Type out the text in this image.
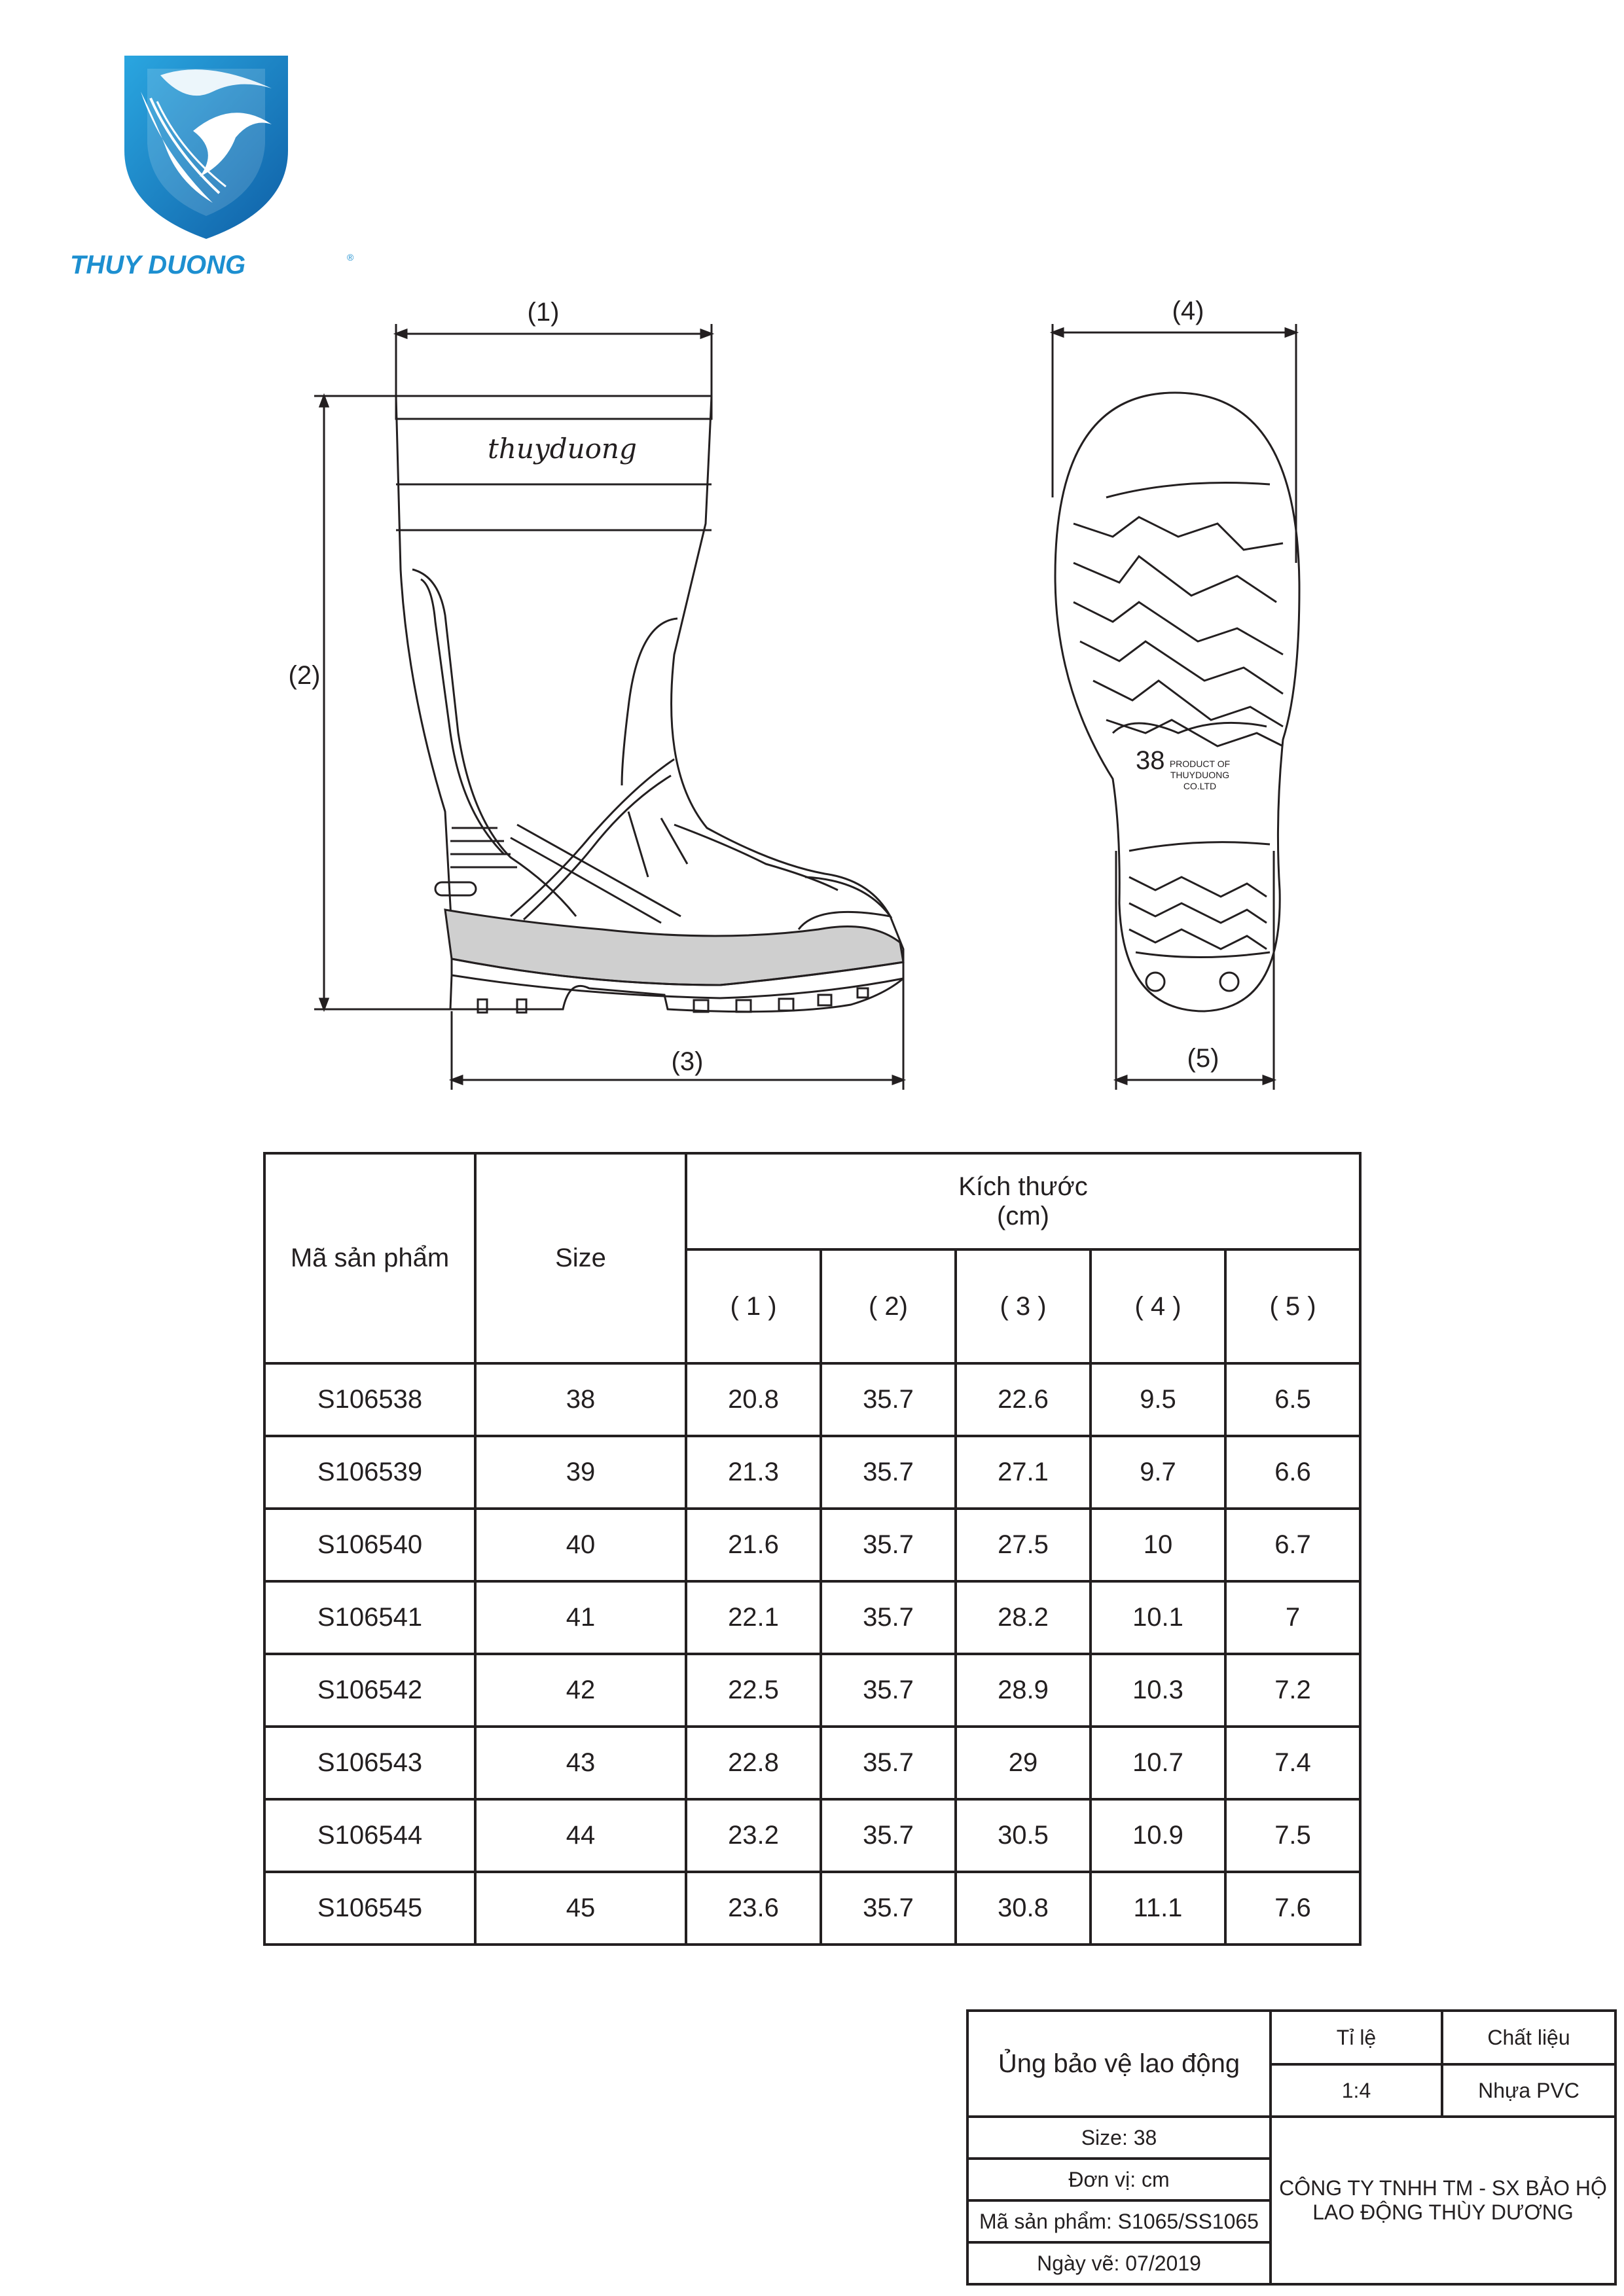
THUY DUONG	®
(1)
(2)
(3)
(4)
(5)
thuyduong
38 PRODUCT OF
THUYDUONG
CO.LTD
Mã sản phẩm	Size	Kích thước
(cm)				

		( 1 )	( 2)	( 3 )	( 4 )	( 5 )
S106538	38	20.8	35.7	22.6	9.5	6.5
S106539	39	21.3	35.7	27.1	9.7	6.6
S106540	40	21.6	35.7	27.5	10	6.7
S106541	41	22.1	35.7	28.2	10.1	7
S106542	42	22.5	35.7	28.9	10.3	7.2
S106543	43	22.8	35.7	29	10.7	7.4
S106544	44	23.2	35.7	30.5	10.9	7.5
S106545	45	23.6	35.7	30.8	11.1	7.6
Ủng bảo vệ lao động	Tỉ lệ	Chất liệu
	1:4	Nhựa PVC
Size: 38	CÔNG TY TNHH TM - SX BẢO HỘ
LAO ĐỘNG THÙY DƯƠNG	

Đơn vị: cm		
Mã sản phẩm: S1065/SS1065		
Ngày vẽ: 07/2019		
